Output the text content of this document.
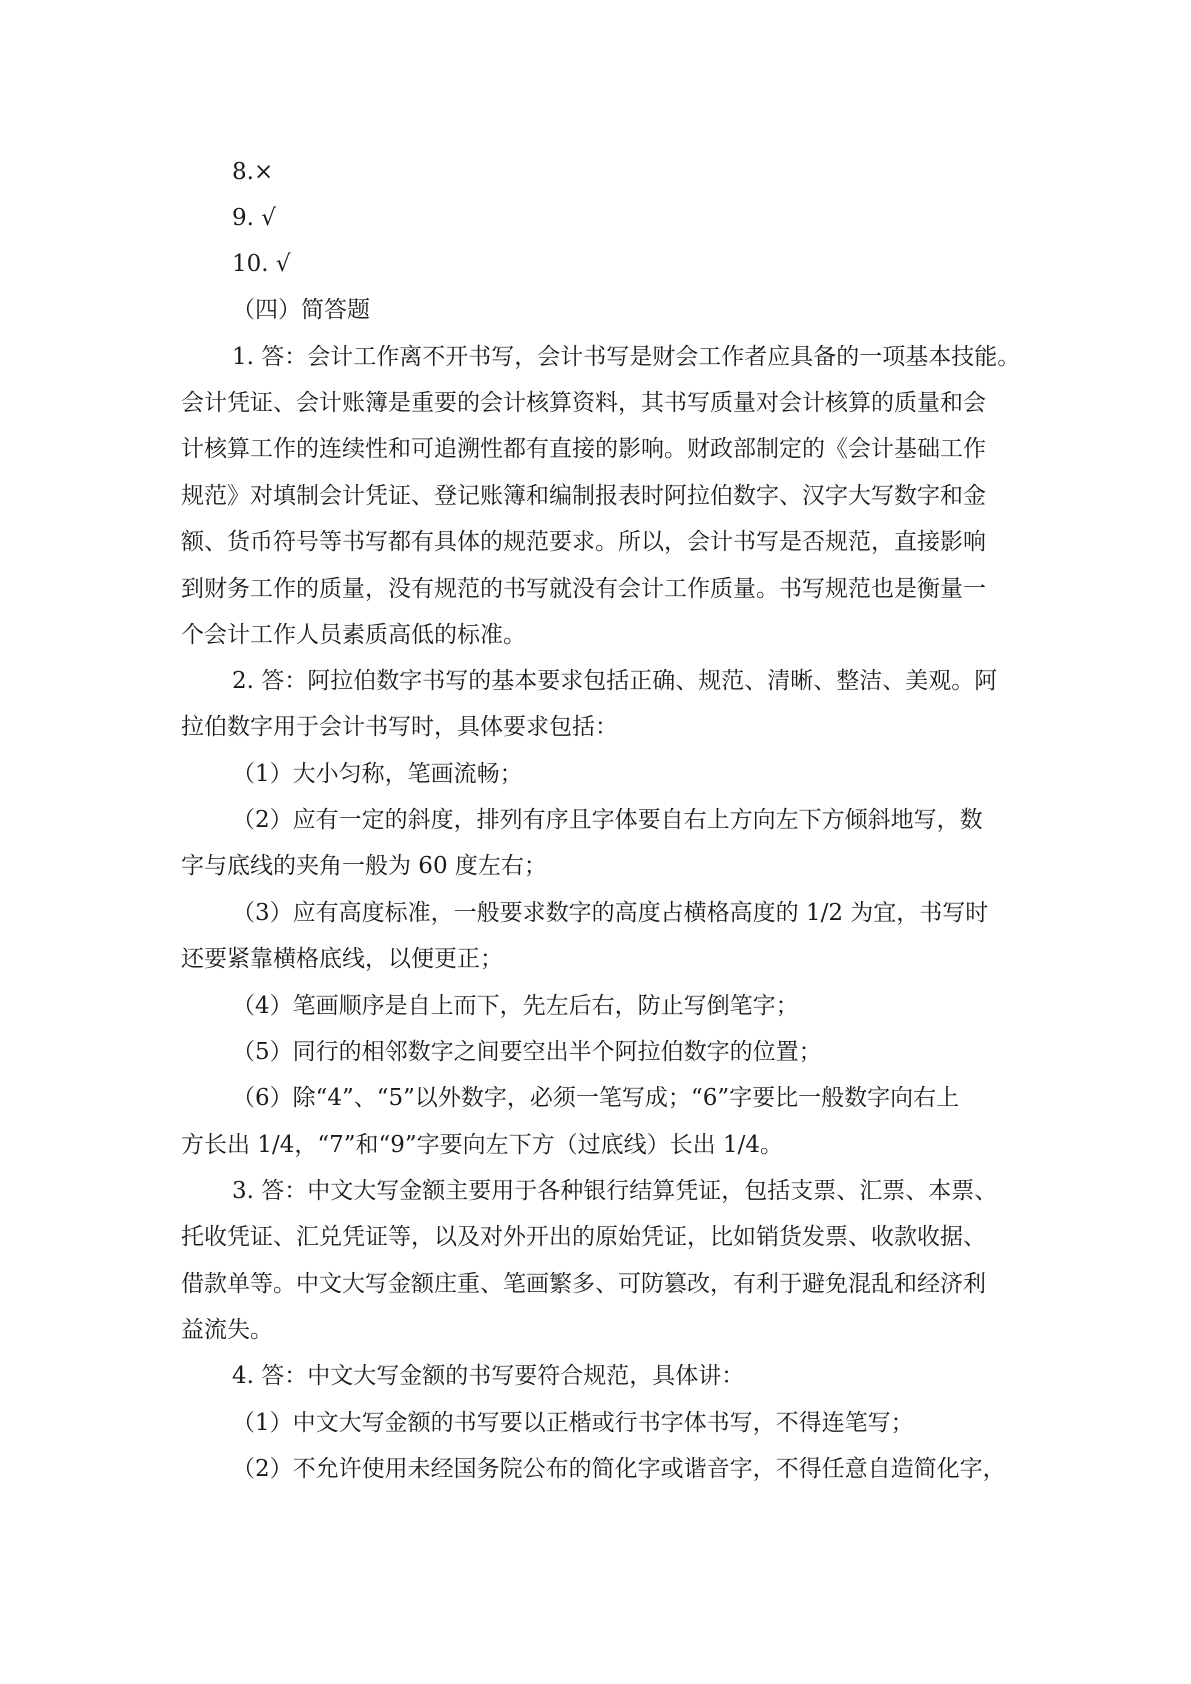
8.×
9. √
10. √
（四）简答题
1. 答：会计工作离不开书写，会计书写是财会工作者应具备的一项基本技能。
会计凭证、会计账簿是重要的会计核算资料，其书写质量对会计核算的质量和会
计核算工作的连续性和可追溯性都有直接的影响。财政部制定的《会计基础工作
规范》对填制会计凭证、登记账簿和编制报表时阿拉伯数字、汉字大写数字和金
额、货币符号等书写都有具体的规范要求。所以，会计书写是否规范，直接影响
到财务工作的质量，没有规范的书写就没有会计工作质量。书写规范也是衡量一
个会计工作人员素质高低的标准。
2. 答：阿拉伯数字书写的基本要求包括正确、规范、清晰、整洁、美观。阿
拉伯数字用于会计书写时，具体要求包括：
（1）大小匀称，笔画流畅；
（2）应有一定的斜度，排列有序且字体要自右上方向左下方倾斜地写，数
字与底线的夹角一般为 60 度左右；
（3）应有高度标准，一般要求数字的高度占横格高度的 1/2 为宜，书写时
还要紧靠横格底线，以便更正；
（4）笔画顺序是自上而下，先左后右，防止写倒笔字；
（5）同行的相邻数字之间要空出半个阿拉伯数字的位置；
（6）除“4”、“5”以外数字，必须一笔写成；“6”字要比一般数字向右上
方长出 1/4，“7”和“9”字要向左下方（过底线）长出 1/4。
3. 答：中文大写金额主要用于各种银行结算凭证，包括支票、汇票、本票、
托收凭证、汇兑凭证等，以及对外开出的原始凭证，比如销货发票、收款收据、
借款单等。中文大写金额庄重、笔画繁多、可防篡改，有利于避免混乱和经济利
益流失。
4. 答：中文大写金额的书写要符合规范，具体讲：
（1）中文大写金额的书写要以正楷或行书字体书写，不得连笔写；
（2）不允许使用未经国务院公布的简化字或谐音字，不得任意自造简化字，
